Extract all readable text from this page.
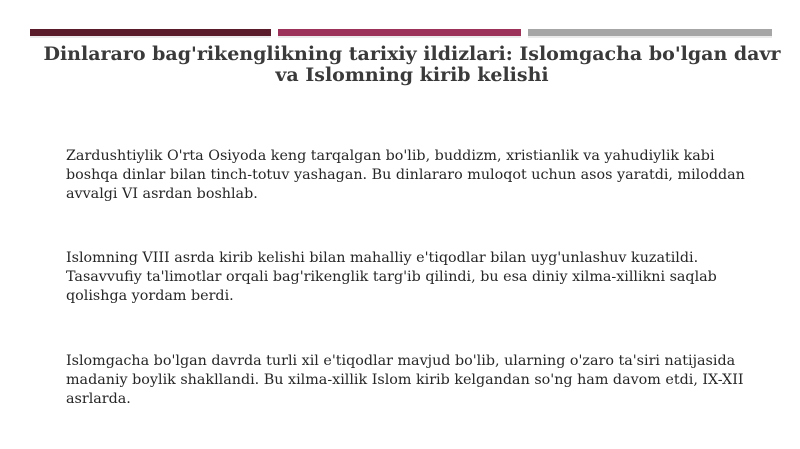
Dinlararo bag'rikenglikning tarixiy ildizlari: Islomgacha bo'lgan davr va Islomning kirib kelishi

Zardushtiylik O'rta Osiyoda keng tarqalgan bo'lib, buddizm, xristianlik va yahudiylik kabi boshqa dinlar bilan tinch-totuv yashagan. Bu dinlararo muloqot uchun asos yaratdi, miloddan avvalgi VI asrdan boshlab.

Islomning VIII asrda kirib kelishi bilan mahalliy e'tiqodlar bilan uyg'unlashuv kuzatildi. Tasavvufiy ta'limotlar orqali bag'rikenglik targ'ib qilindi, bu esa diniy xilma-xillikni saqlab qolishga yordam berdi.

Islomgacha bo'lgan davrda turli xil e'tiqodlar mavjud bo'lib, ularning o'zaro ta'siri natijasida madaniy boylik shakllandi. Bu xilma-xillik Islom kirib kelgandan so'ng ham davom etdi, IX-XII asrlarda.
